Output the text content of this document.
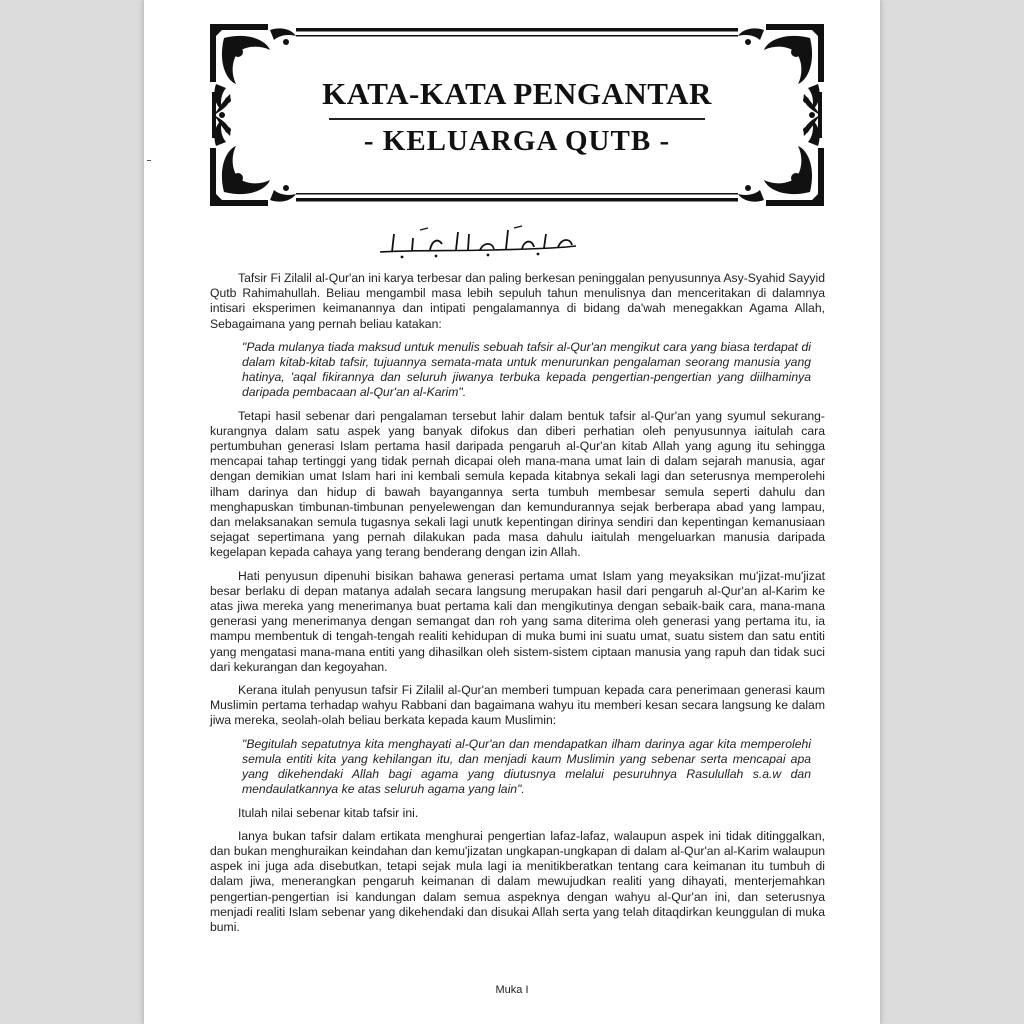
KATA-KATA PENGANTAR
- KELUARGA QUTB -

Tafsir Fi Zilalil al-Qur'an ini karya terbesar dan paling berkesan peninggalan penyusunnya Asy-Syahid Sayyid Qutb Rahimahullah. Beliau mengambil masa lebih sepuluh tahun menulisnya dan menceritakan di dalamnya intisari eksperimen keimanannya dan intipati pengalamannya di bidang da'wah menegakkan Agama Allah, Sebagaimana yang pernah beliau katakan:

"Pada mulanya tiada maksud untuk menulis sebuah tafsir al-Qur'an mengikut cara yang biasa terdapat di dalam kitab-kitab tafsir, tujuannya semata-mata untuk menurunkan pengalaman seorang manusia yang hatinya, 'aqal fikirannya dan seluruh jiwanya terbuka kepada pengertian-pengertian yang diilhaminya daripada pembacaan al-Qur'an al-Karim".

Tetapi hasil sebenar dari pengalaman tersebut lahir dalam bentuk tafsir al-Qur'an yang syumul sekurang-kurangnya dalam satu aspek yang banyak difokus dan diberi perhatian oleh penyusunnya iaitulah cara pertumbuhan generasi Islam pertama hasil daripada pengaruh al-Qur'an kitab Allah yang agung itu sehingga mencapai tahap tertinggi yang tidak pernah dicapai oleh mana-mana umat lain di dalam sejarah manusia, agar dengan demikian umat Islam hari ini kembali semula kepada kitabnya sekali lagi dan seterusnya memperolehi ilham darinya dan hidup di bawah bayangannya serta tumbuh membesar semula seperti dahulu dan menghapuskan timbunan-timbunan penyelewengan dan kemundurannya sejak berberapa abad yang lampau, dan melaksanakan semula tugasnya sekali lagi unutk kepentingan dirinya sendiri dan kepentingan kemanusiaan sejagat sepertimana yang pernah dilakukan pada masa dahulu iaitulah mengeluarkan manusia daripada kegelapan kepada cahaya yang terang benderang dengan izin Allah.

Hati penyusun dipenuhi bisikan bahawa generasi pertama umat Islam yang meyaksikan mu'jizat-mu'jizat besar berlaku di depan matanya adalah secara langsung merupakan hasil dari pengaruh al-Qur'an al-Karim ke atas jiwa mereka yang menerimanya buat pertama kali dan mengikutinya dengan sebaik-baik cara, mana-mana generasi yang menerimanya dengan semangat dan roh yang sama diterima oleh generasi yang pertama itu, ia mampu membentuk di tengah-tengah realiti kehidupan di muka bumi ini suatu umat, suatu sistem dan satu entiti yang mengatasi mana-mana entiti yang dihasilkan oleh sistem-sistem ciptaan manusia yang rapuh dan tidak suci dari kekurangan dan kegoyahan.

Kerana itulah penyusun tafsir Fi Zilalil al-Qur'an memberi tumpuan kepada cara penerimaan generasi kaum Muslimin pertama terhadap wahyu Rabbani dan bagaimana wahyu itu memberi kesan secara langsung ke dalam jiwa mereka, seolah-olah beliau berkata kepada kaum Muslimin:

"Begitulah sepatutnya kita menghayati al-Qur'an dan mendapatkan ilham darinya agar kita memperolehi semula entiti kita yang kehilangan itu, dan menjadi kaum Muslimin yang sebenar serta mencapai apa yang dikehendaki Allah bagi agama yang diutusnya melalui pesuruhnya Rasulullah s.a.w dan mendaulatkannya ke atas seluruh agama yang lain".

Itulah nilai sebenar kitab tafsir ini.

Ianya bukan tafsir dalam ertikata menghurai pengertian lafaz-lafaz, walaupun aspek ini tidak ditinggalkan, dan bukan menghuraikan keindahan dan kemu'jizatan ungkapan-ungkapan di dalam al-Qur'an al-Karim walaupun aspek ini juga ada disebutkan, tetapi sejak mula lagi ia menitikberatkan tentang cara keimanan itu tumbuh di dalam jiwa, menerangkan pengaruh keimanan di dalam mewujudkan realiti yang dihayati, menterjemahkan pengertian-pengertian isi kandungan dalam semua aspeknya dengan wahyu al-Qur'an ini, dan seterusnya menjadi realiti Islam sebenar yang dikehendaki dan disukai Allah serta yang telah ditaqdirkan keunggulan di muka bumi.

Muka I
